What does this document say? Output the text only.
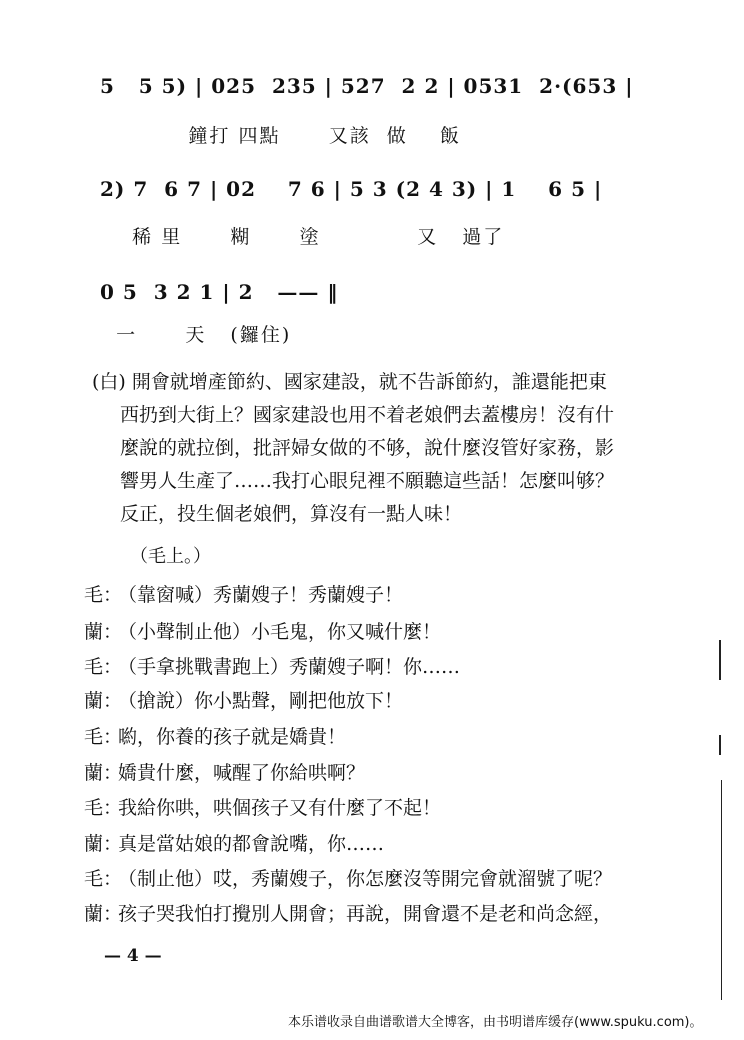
5   5 5) | 025  235 | 527  2 2 | 0531  2·(653 |
鐘打 四點      又該  做    飯
2) 7  6 7 | 02    7 6 | 5 3 (2 4 3) | 1    6 5 |
稀 里      糊      塗            又   過了
0 5  3 2 1 | 2   —— ‖
一      天   (鑼住)
(白) 開會就增產節約、國家建設，就不告訴節約，誰還能把東
西扔到大街上？國家建設也用不着老娘們去蓋樓房！沒有什
麼說的就拉倒，批評婦女做的不够，說什麼沒管好家務，影
響男人生產了……我打心眼兒裡不願聽這些話！怎麼叫够？
反正，投生個老娘們，算沒有一點人味！
（毛上。）
毛：（靠窗喊）秀蘭嫂子！秀蘭嫂子！
蘭：（小聲制止他）小毛鬼，你又喊什麼！
毛：（手拿挑戰書跑上）秀蘭嫂子啊！你……
蘭：（搶說）你小點聲，剛把他放下！
毛：喲，你養的孩子就是嬌貴！
蘭：嬌貴什麼，喊醒了你給哄啊？
毛：我給你哄，哄個孩子又有什麼了不起！
蘭：真是當姑娘的都會說嘴，你……
毛：（制止他）哎，秀蘭嫂子，你怎麼沒等開完會就溜號了呢？
蘭：孩子哭我怕打攪別人開會；再說，開會還不是老和尚念經，
— 4 —
本乐谱收录自曲谱歌谱大全博客，由书明谱库缓存(www.spuku.com)。
